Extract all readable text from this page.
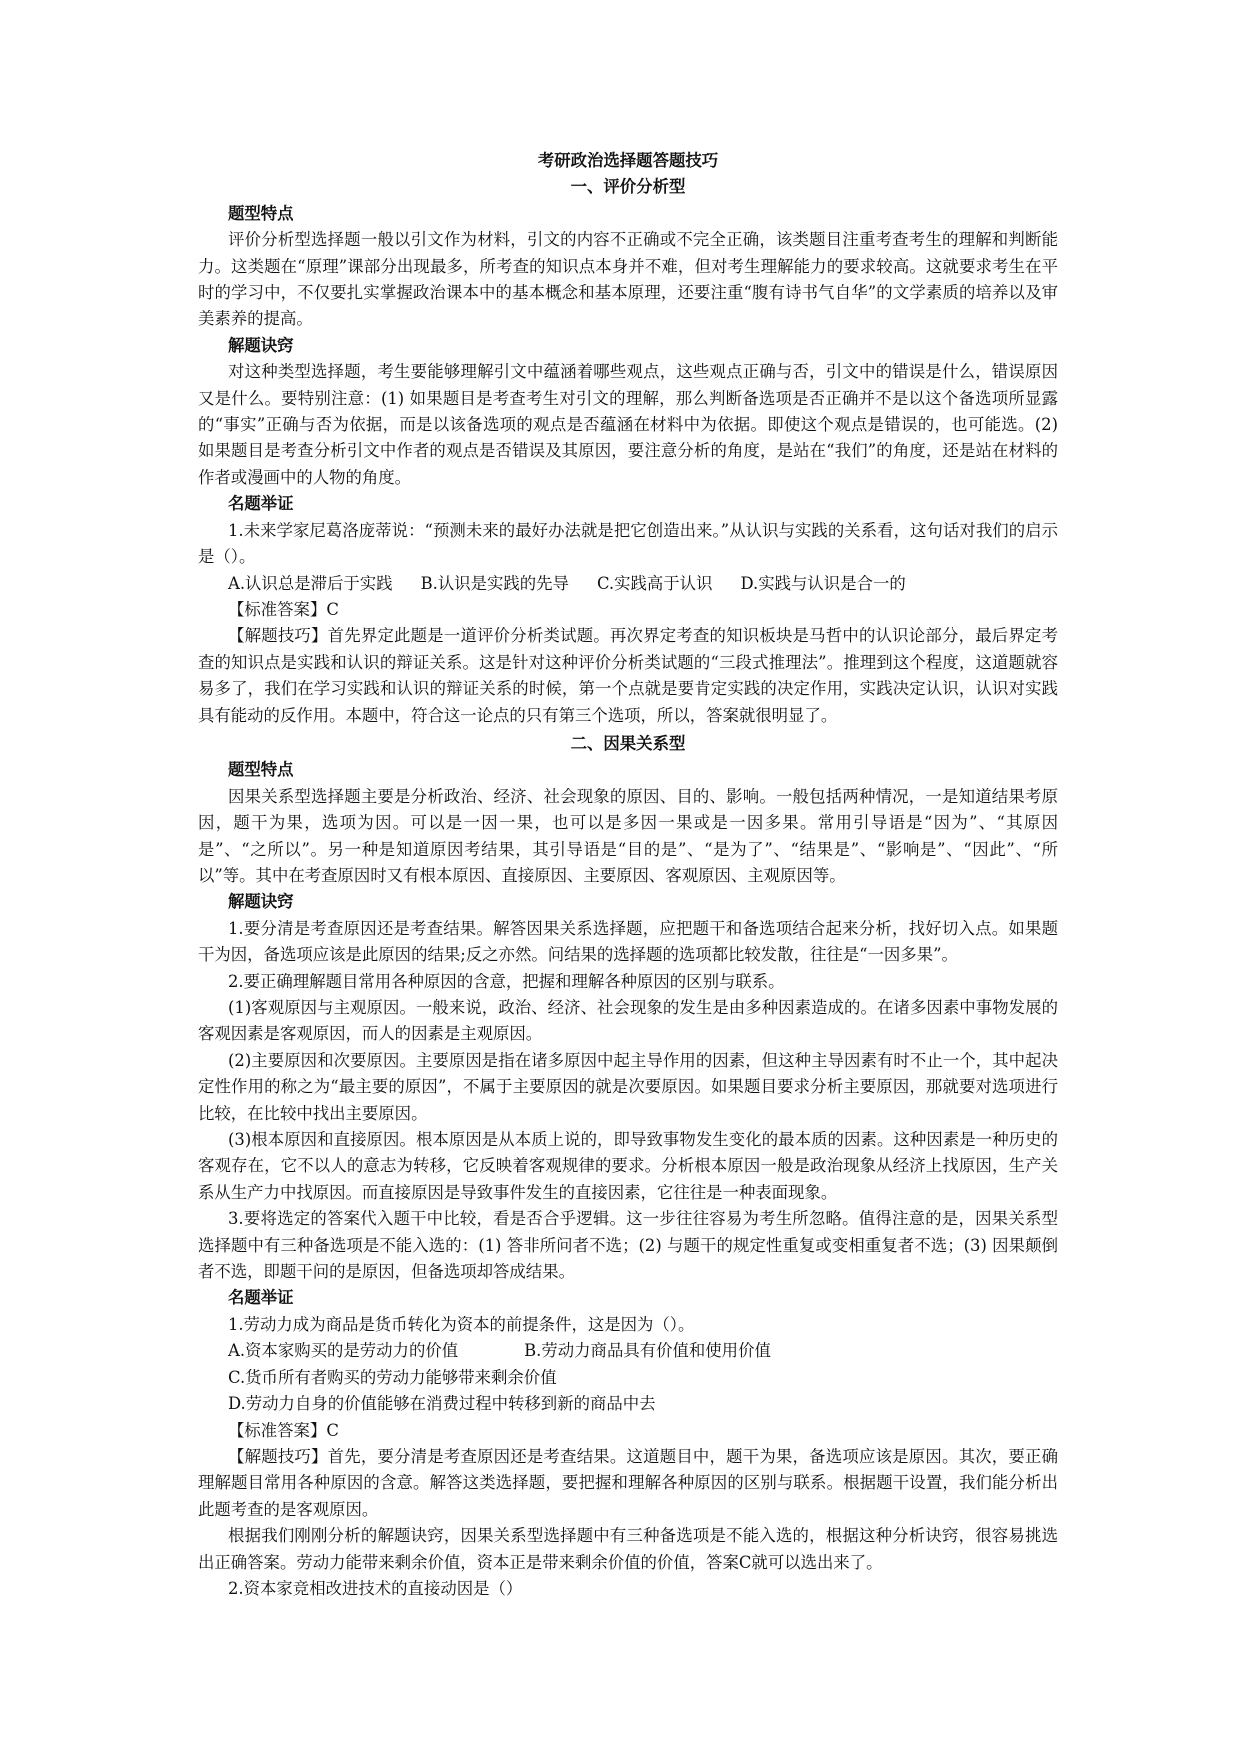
考研政治选择题答题技巧

一、评价分析型

题型特点

评价分析型选择题一般以引文作为材料，引文的内容不正确或不完全正确，该类题目注重考查考生的理解和判断能力。这类题在“原理”课部分出现最多，所考查的知识点本身并不难，但对考生理解能力的要求较高。这就要求考生在平时的学习中，不仅要扎实掌握政治课本中的基本概念和基本原理，还要注重“腹有诗书气自华”的文学素质的培养以及审美素养的提高。

解题诀窍

对这种类型选择题，考生要能够理解引文中蕴涵着哪些观点，这些观点正确与否，引文中的错误是什么，错误原因又是什么。要特别注意：(1) 如果题目是考查考生对引文的理解，那么判断备选项是否正确并不是以这个备选项所显露的“事实”正确与否为依据，而是以该备选项的观点是否蕴涵在材料中为依据。即使这个观点是错误的，也可能选。(2) 如果题目是考查分析引文中作者的观点是否错误及其原因，要注意分析的角度，是站在“我们”的角度，还是站在材料的作者或漫画中的人物的角度。

名题举证

1.未来学家尼葛洛庞蒂说：“预测未来的最好办法就是把它创造出来。”从认识与实践的关系看，这句话对我们的启示是（）。

A.认识总是滞后于实践 B.认识是实践的先导 C.实践高于认识 D.实践与认识是合一的

【标准答案】C

【解题技巧】首先界定此题是一道评价分析类试题。再次界定考查的知识板块是马哲中的认识论部分，最后界定考查的知识点是实践和认识的辩证关系。这是针对这种评价分析类试题的“三段式推理法”。推理到这个程度，这道题就容易多了，我们在学习实践和认识的辩证关系的时候，第一个点就是要肯定实践的决定作用，实践决定认识，认识对实践具有能动的反作用。本题中，符合这一论点的只有第三个选项，所以，答案就很明显了。

二、因果关系型

题型特点

因果关系型选择题主要是分析政治、经济、社会现象的原因、目的、影响。一般包括两种情况，一是知道结果考原因，题干为果，选项为因。可以是一因一果，也可以是多因一果或是一因多果。常用引导语是“因为”、“其原因是”、“之所以”。另一种是知道原因考结果，其引导语是“目的是”、“是为了”、“结果是”、“影响是”、“因此”、“所以”等。其中在考查原因时又有根本原因、直接原因、主要原因、客观原因、主观原因等。

解题诀窍

1.要分清是考查原因还是考查结果。解答因果关系选择题，应把题干和备选项结合起来分析，找好切入点。如果题干为因，备选项应该是此原因的结果;反之亦然。问结果的选择题的选项都比较发散，往往是“一因多果”。

2.要正确理解题目常用各种原因的含意，把握和理解各种原因的区别与联系。

(1)客观原因与主观原因。一般来说，政治、经济、社会现象的发生是由多种因素造成的。在诸多因素中事物发展的客观因素是客观原因，而人的因素是主观原因。

(2)主要原因和次要原因。主要原因是指在诸多原因中起主导作用的因素，但这种主导因素有时不止一个，其中起决定性作用的称之为“最主要的原因”，不属于主要原因的就是次要原因。如果题目要求分析主要原因，那就要对选项进行比较，在比较中找出主要原因。

(3)根本原因和直接原因。根本原因是从本质上说的，即导致事物发生变化的最本质的因素。这种因素是一种历史的客观存在，它不以人的意志为转移，它反映着客观规律的要求。分析根本原因一般是政治现象从经济上找原因，生产关系从生产力中找原因。而直接原因是导致事件发生的直接因素，它往往是一种表面现象。

3.要将选定的答案代入题干中比较，看是否合乎逻辑。这一步往往容易为考生所忽略。值得注意的是，因果关系型选择题中有三种备选项是不能入选的：(1) 答非所问者不选；(2) 与题干的规定性重复或变相重复者不选；(3) 因果颠倒者不选，即题干问的是原因，但备选项却答成结果。

名题举证

1.劳动力成为商品是货币转化为资本的前提条件，这是因为（）。

A.资本家购买的是劳动力的价值	B.劳动力商品具有价值和使用价值

C.货币所有者购买的劳动力能够带来剩余价值

D.劳动力自身的价值能够在消费过程中转移到新的商品中去

【标准答案】C

【解题技巧】首先，要分清是考查原因还是考查结果。这道题目中，题干为果，备选项应该是原因。其次，要正确理解题目常用各种原因的含意。解答这类选择题，要把握和理解各种原因的区别与联系。根据题干设置，我们能分析出此题考查的是客观原因。

根据我们刚刚分析的解题诀窍，因果关系型选择题中有三种备选项是不能入选的，根据这种分析诀窍，很容易挑选出正确答案。劳动力能带来剩余价值，资本正是带来剩余价值的价值，答案C就可以选出来了。

2.资本家竞相改进技术的直接动因是（）
